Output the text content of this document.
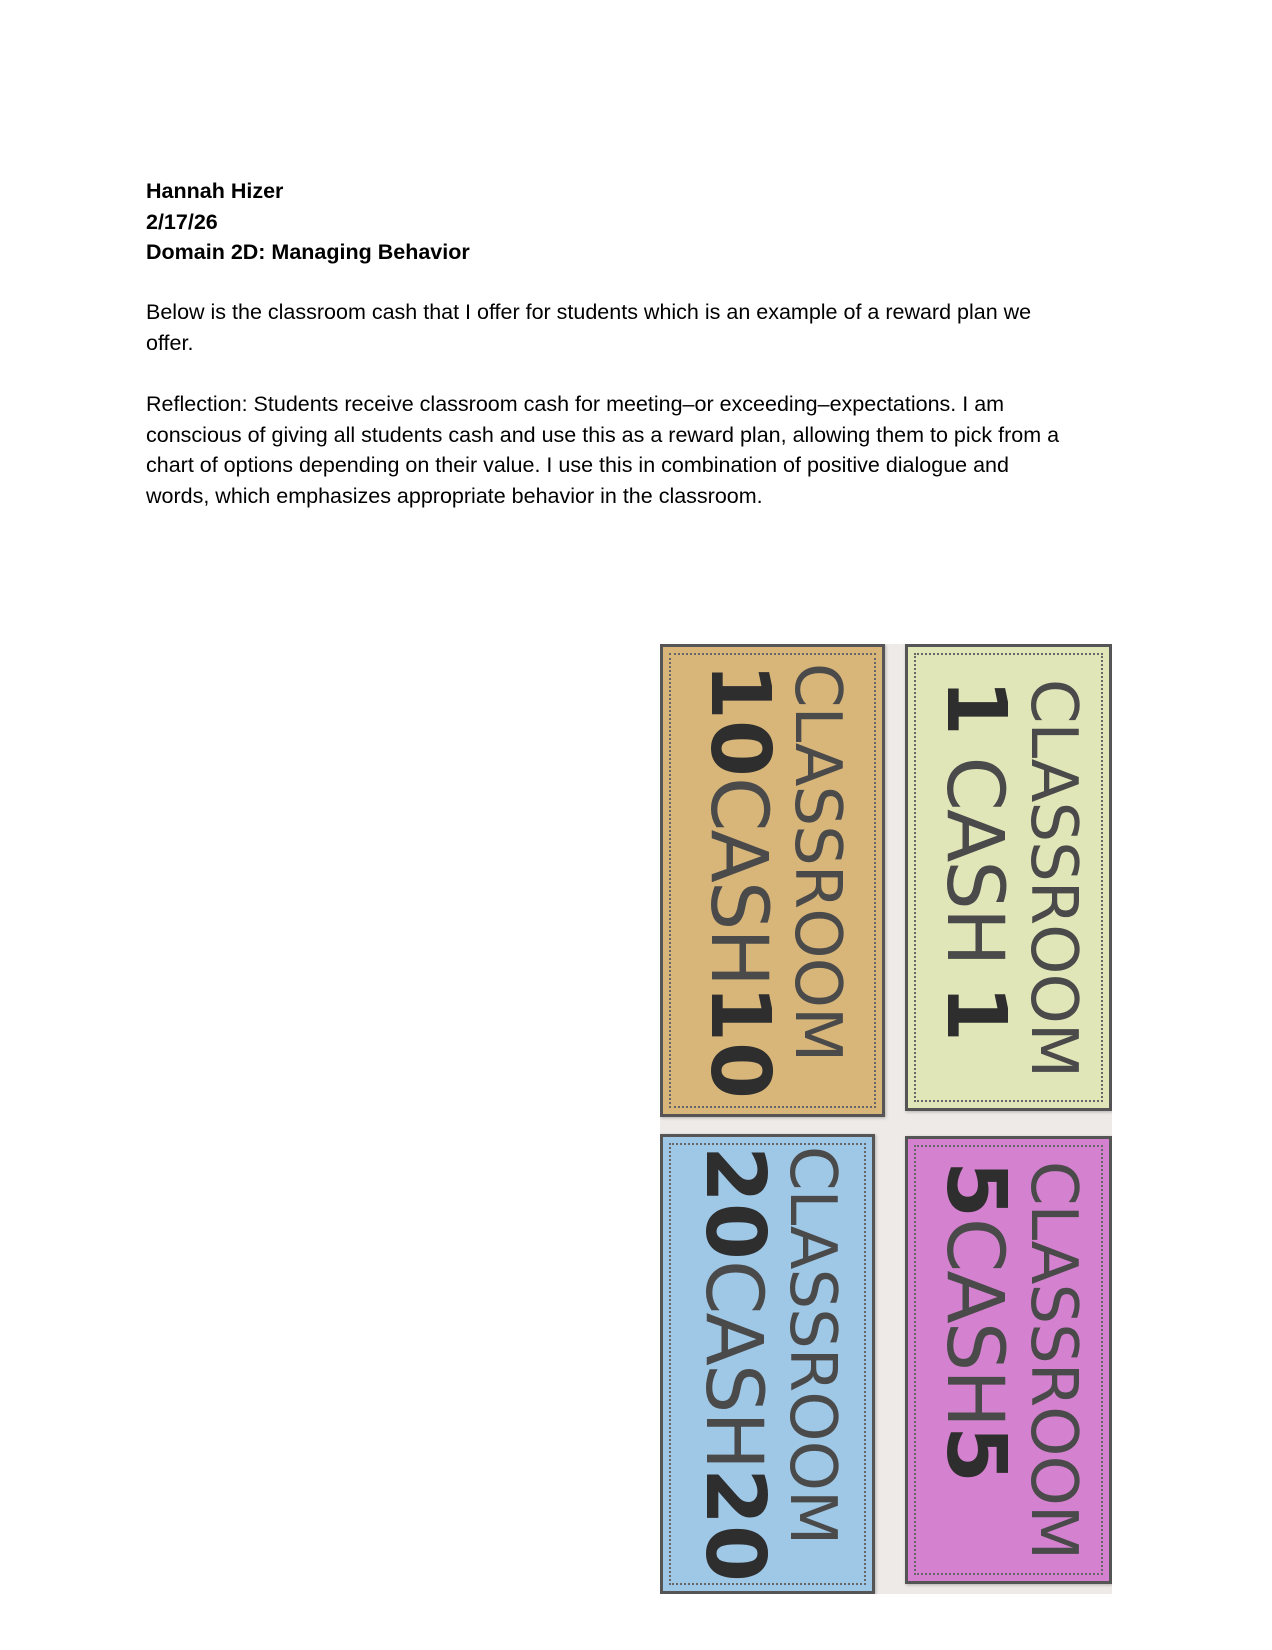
Hannah Hizer
2/17/26
Domain 2D: Managing Behavior

Below is the classroom cash that I offer for students which is an example of a reward plan we
offer.

Reflection: Students receive classroom cash for meeting–or exceeding–expectations. I am
conscious of giving all students cash and use this as a reward plan, allowing them to pick from a
chart of options depending on their value. I use this in combination of positive dialogue and
words, which emphasizes appropriate behavior in the classroom.

CLASSROOM
10CASH10	CLASSROOM
1 CASH 1
CLASSROOM
20CASH20	CLASSROOM
5CASH5
